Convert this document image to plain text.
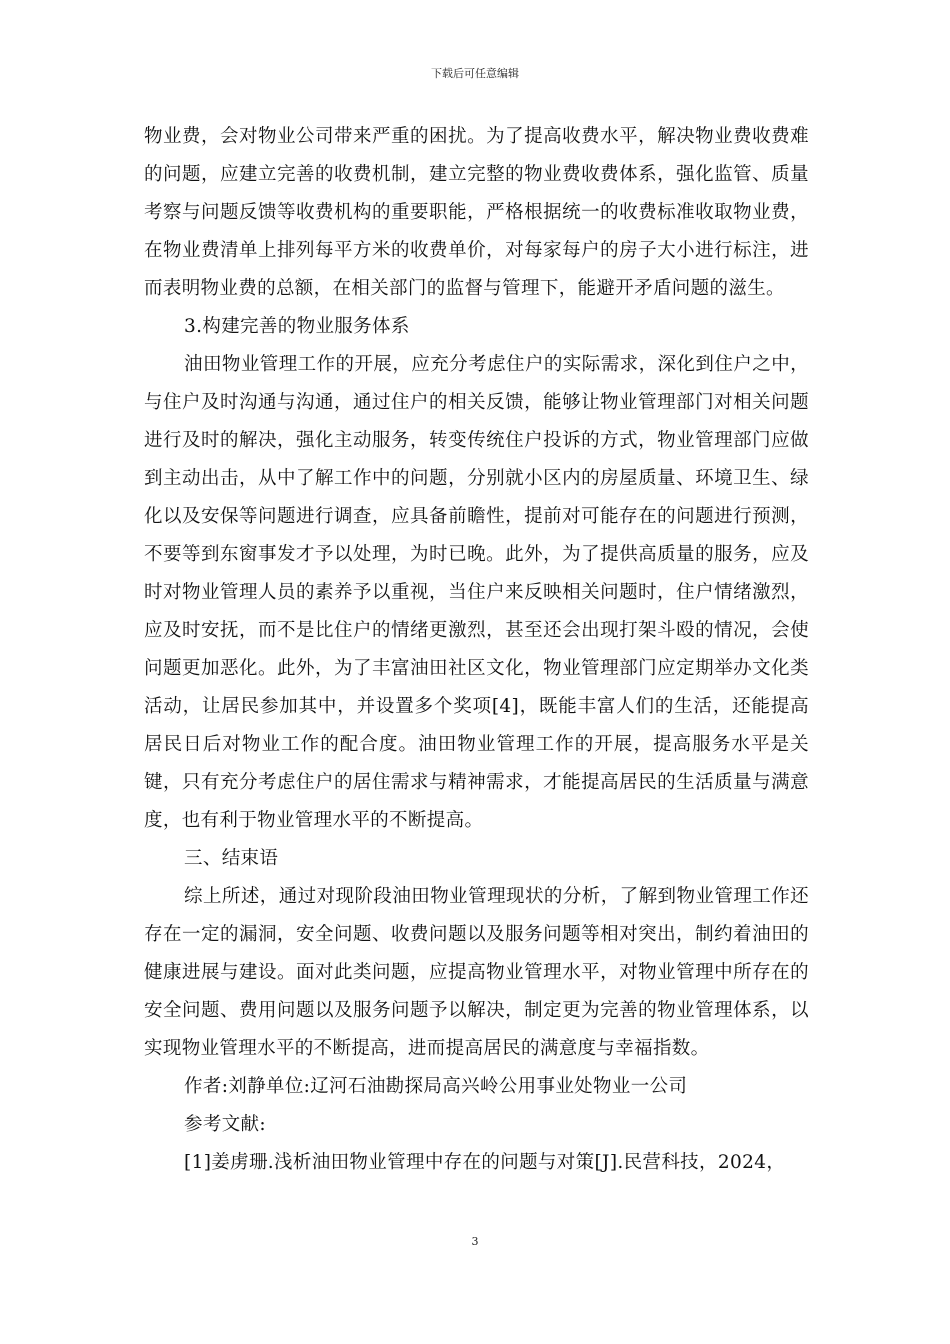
下载后可任意编辑

物业费，会对物业公司带来严重的困扰。为了提高收费水平，解决物业费收费难的问题，应建立完善的收费机制，建立完整的物业费收费体系，强化监管、质量考察与问题反馈等收费机构的重要职能，严格根据统一的收费标准收取物业费，在物业费清单上排列每平方米的收费单价，对每家每户的房子大小进行标注，进而表明物业费的总额，在相关部门的监督与管理下，能避开矛盾问题的滋生。

3.构建完善的物业服务体系

油田物业管理工作的开展，应充分考虑住户的实际需求，深化到住户之中，与住户及时沟通与沟通，通过住户的相关反馈，能够让物业管理部门对相关问题进行及时的解决，强化主动服务，转变传统住户投诉的方式，物业管理部门应做到主动出击，从中了解工作中的问题，分别就小区内的房屋质量、环境卫生、绿化以及安保等问题进行调查，应具备前瞻性，提前对可能存在的问题进行预测，不要等到东窗事发才予以处理，为时已晚。此外，为了提供高质量的服务，应及时对物业管理人员的素养予以重视，当住户来反映相关问题时，住户情绪激烈，应及时安抚，而不是比住户的情绪更激烈，甚至还会出现打架斗殴的情况，会使问题更加恶化。此外，为了丰富油田社区文化，物业管理部门应定期举办文化类活动，让居民参加其中，并设置多个奖项[4]，既能丰富人们的生活，还能提高居民日后对物业工作的配合度。油田物业管理工作的开展，提高服务水平是关键，只有充分考虑住户的居住需求与精神需求，才能提高居民的生活质量与满意度，也有利于物业管理水平的不断提高。

三、结束语

综上所述，通过对现阶段油田物业管理现状的分析，了解到物业管理工作还存在一定的漏洞，安全问题、收费问题以及服务问题等相对突出，制约着油田的健康进展与建设。面对此类问题，应提高物业管理水平，对物业管理中所存在的安全问题、费用问题以及服务问题予以解决，制定更为完善的物业管理体系，以实现物业管理水平的不断提高，进而提高居民的满意度与幸福指数。

作者:刘静单位:辽河石油勘探局高兴岭公用事业处物业一公司

参考文献:

[1]姜虏珊.浅析油田物业管理中存在的问题与对策[J].民营科技，2024，

3
